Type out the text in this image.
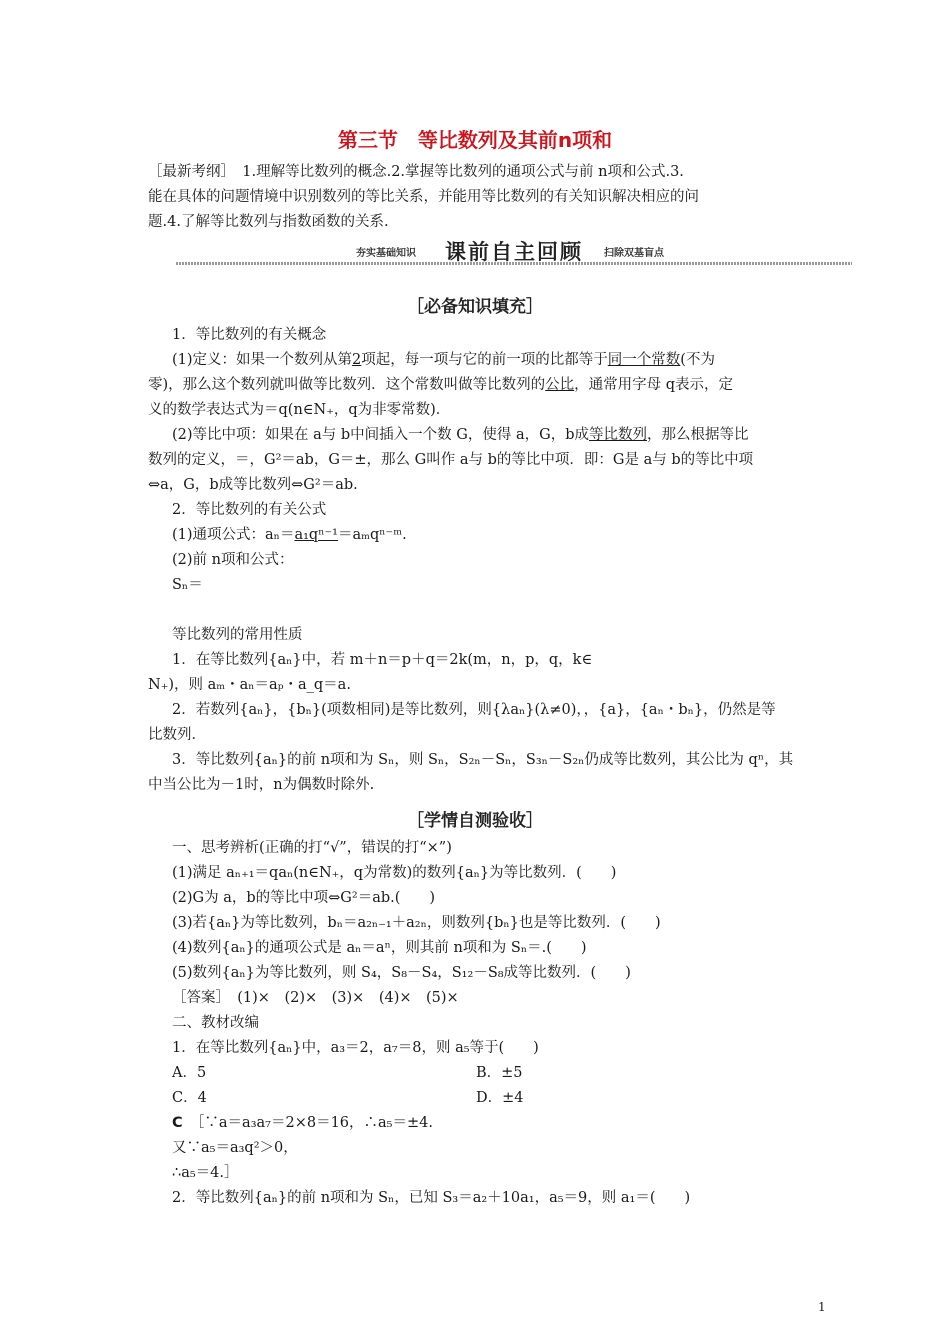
第三节　等比数列及其前n项和
［最新考纲］　1.理解等比数列的概念.2.掌握等比数列的通项公式与前 n项和公式.3.
能在具体的问题情境中识别数列的等比关系，并能用等比数列的有关知识解决相应的问
题.4.了解等比数列与指数函数的关系.
夯实基础知识	课前自主回顾	扫除双基盲点
［必备知识填充］
1．等比数列的有关概念
(1)定义：如果一个数列从第2项起，每一项与它的前一项的比都等于同一个常数(不为
零)，那么这个数列就叫做等比数列．这个常数叫做等比数列的公比，通常用字母 q表示，定
义的数学表达式为＝q(n∈N₊，q为非零常数)．
(2)等比中项：如果在 a与 b中间插入一个数 G，使得 a，G，b成等比数列，那么根据等比
数列的定义，＝，G²＝ab，G＝±，那么 G叫作 a与 b的等比中项．即：G是 a与 b的等比中项
⇔a，G，b成等比数列⇔G²＝ab.
2．等比数列的有关公式
(1)通项公式：aₙ＝a₁qⁿ⁻¹＝aₘqⁿ⁻ᵐ.
(2)前 n项和公式：
Sₙ＝
等比数列的常用性质
1．在等比数列{aₙ}中，若 m＋n＝p＋q＝2k(m，n，p，q，k∈
N₊)，则 aₘ・aₙ＝aₚ・a_q＝a.
2．若数列{aₙ}，{bₙ}(项数相同)是等比数列，则{λaₙ}(λ≠0)，，{a}，{aₙ・bₙ}，仍然是等
比数列．
3．等比数列{aₙ}的前 n项和为 Sₙ，则 Sₙ，S₂ₙ－Sₙ，S₃ₙ－S₂ₙ仍成等比数列，其公比为 qⁿ，其
中当公比为－1时，n为偶数时除外.
［学情自测验收］
一、思考辨析(正确的打“√”，错误的打“×”)
(1)满足 aₙ₊₁＝qaₙ(n∈N₊，q为常数)的数列{aₙ}为等比数列．(　　)
(2)G为 a，b的等比中项⇔G²＝ab.(　　)
(3)若{aₙ}为等比数列，bₙ＝a₂ₙ₋₁＋a₂ₙ，则数列{bₙ}也是等比数列．(　　)
(4)数列{aₙ}的通项公式是 aₙ＝aⁿ，则其前 n项和为 Sₙ＝.(　　)
(5)数列{aₙ}为等比数列，则 S₄，S₈－S₄，S₁₂－S₈成等比数列．(　　)
［答案］　(1)×　(2)×　(3)×　(4)×　(5)×
二、教材改编
1．在等比数列{aₙ}中，a₃＝2，a₇＝8，则 a₅等于(　　)
A．5	B．±5
C．4	D．±4
C　 ［∵a＝a₃a₇＝2×8＝16，∴a₅＝±4.
又∵a₅＝a₃q²＞0，
∴a₅＝4.］
2．等比数列{aₙ}的前 n项和为 Sₙ，已知 S₃＝a₂＋10a₁，a₅＝9，则 a₁＝(　　)
1
